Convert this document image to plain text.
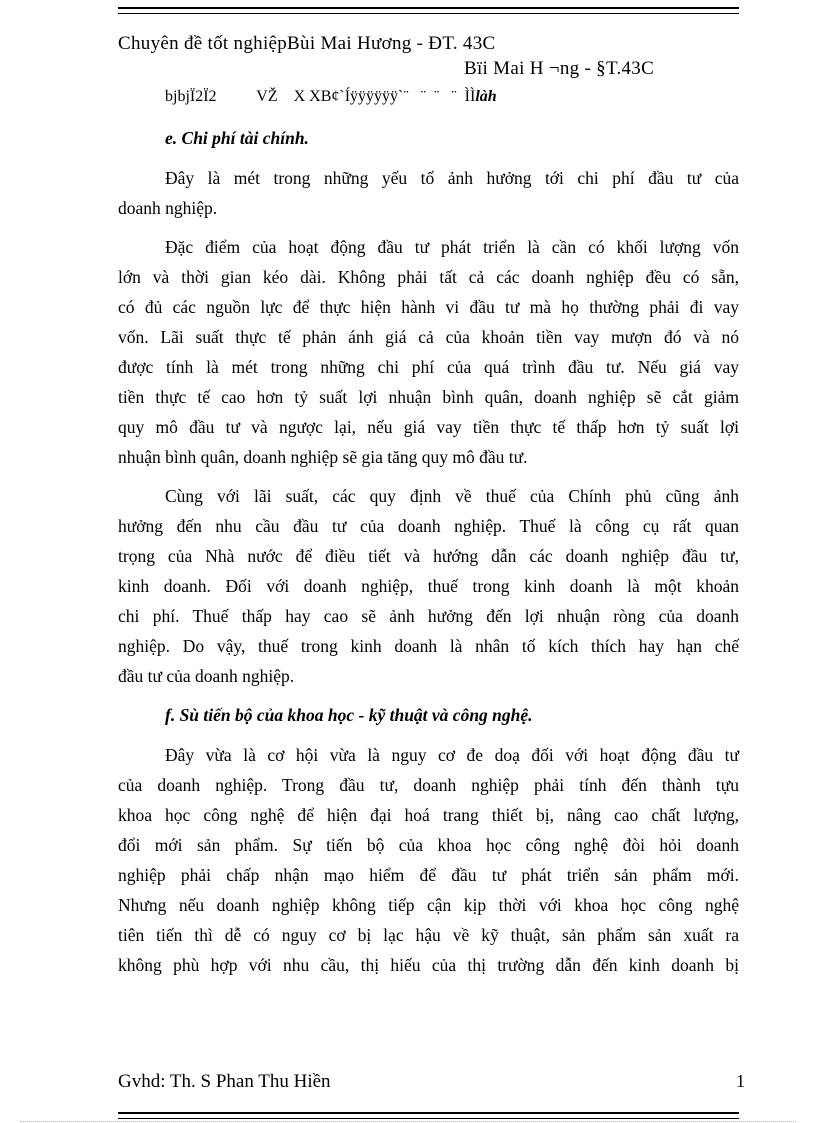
Chuyên đề tốt nghiệpBùi Mai Hương - ĐT. 43C
Bïi Mai H ¬ng - §T.43C
bjbjÏ2Ï2          VŽ    X XB¢`Íÿÿÿÿÿÿ`¨   ¨  ¨   ¨  ÌÌlàh

e. Chi phí tài chính.

Đây là mét trong những yếu tố ảnh hưởng tới chi phí đầu tư của
doanh nghiệp.

Đặc điểm của hoạt động đầu tư phát triển là cần có khối lượng vốn
lớn và thời gian kéo dài. Không phải tất cả các doanh nghiệp đều có sẵn,
có đủ các nguồn lực để thực hiện hành vi đầu tư mà họ thường phải đi vay
vốn. Lãi suất thực tế phản ánh giá cả của khoản tiền vay mượn đó và nó
được tính là mét trong những chi phí của quá trình đầu tư. Nếu giá vay
tiền thực tế cao hơn tỷ suất lợi nhuận bình quân, doanh nghiệp sẽ cắt giảm
quy mô đầu tư và ngược lại, nếu giá vay tiền thực tế thấp hơn tỷ suất lợi
nhuận bình quân, doanh nghiệp sẽ gia tăng quy mô đầu tư.

Cùng với lãi suất, các quy định về thuế của Chính phủ cũng ảnh
hưởng đến nhu cầu đầu tư của doanh nghiệp. Thuế là công cụ rất quan
trọng của Nhà nước để điều tiết và hướng dẫn các doanh nghiệp đầu tư,
kinh doanh. Đối với doanh nghiệp, thuế trong kinh doanh là một khoản
chi phí. Thuế thấp hay cao sẽ ảnh hưởng đến lợi nhuận ròng của doanh
nghiệp. Do vậy, thuế trong kinh doanh là nhân tố kích thích hay hạn chế
đầu tư của doanh nghiệp.

f. Sù tiến bộ của khoa học - kỹ thuật và công nghệ.

Đây vừa là cơ hội vừa là nguy cơ đe doạ đối với hoạt động đầu tư
của doanh nghiệp. Trong đầu tư, doanh nghiệp phải tính đến thành tựu
khoa học công nghệ để hiện đại hoá trang thiết bị, nâng cao chất lượng,
đổi mới sản phẩm. Sự tiến bộ của khoa học công nghệ đòi hỏi doanh
nghiệp phải chấp nhận mạo hiểm để đầu tư phát triển sản phẩm mới.
Nhưng nếu doanh nghiệp không tiếp cận kịp thời với khoa học công nghệ
tiên tiến thì dễ có nguy cơ bị lạc hậu về kỹ thuật, sản phẩm sản xuất ra
không phù hợp với nhu cầu, thị hiếu của thị trường dẫn đến kinh doanh bị

Gvhd: Th. S Phan Thu Hiền	1
